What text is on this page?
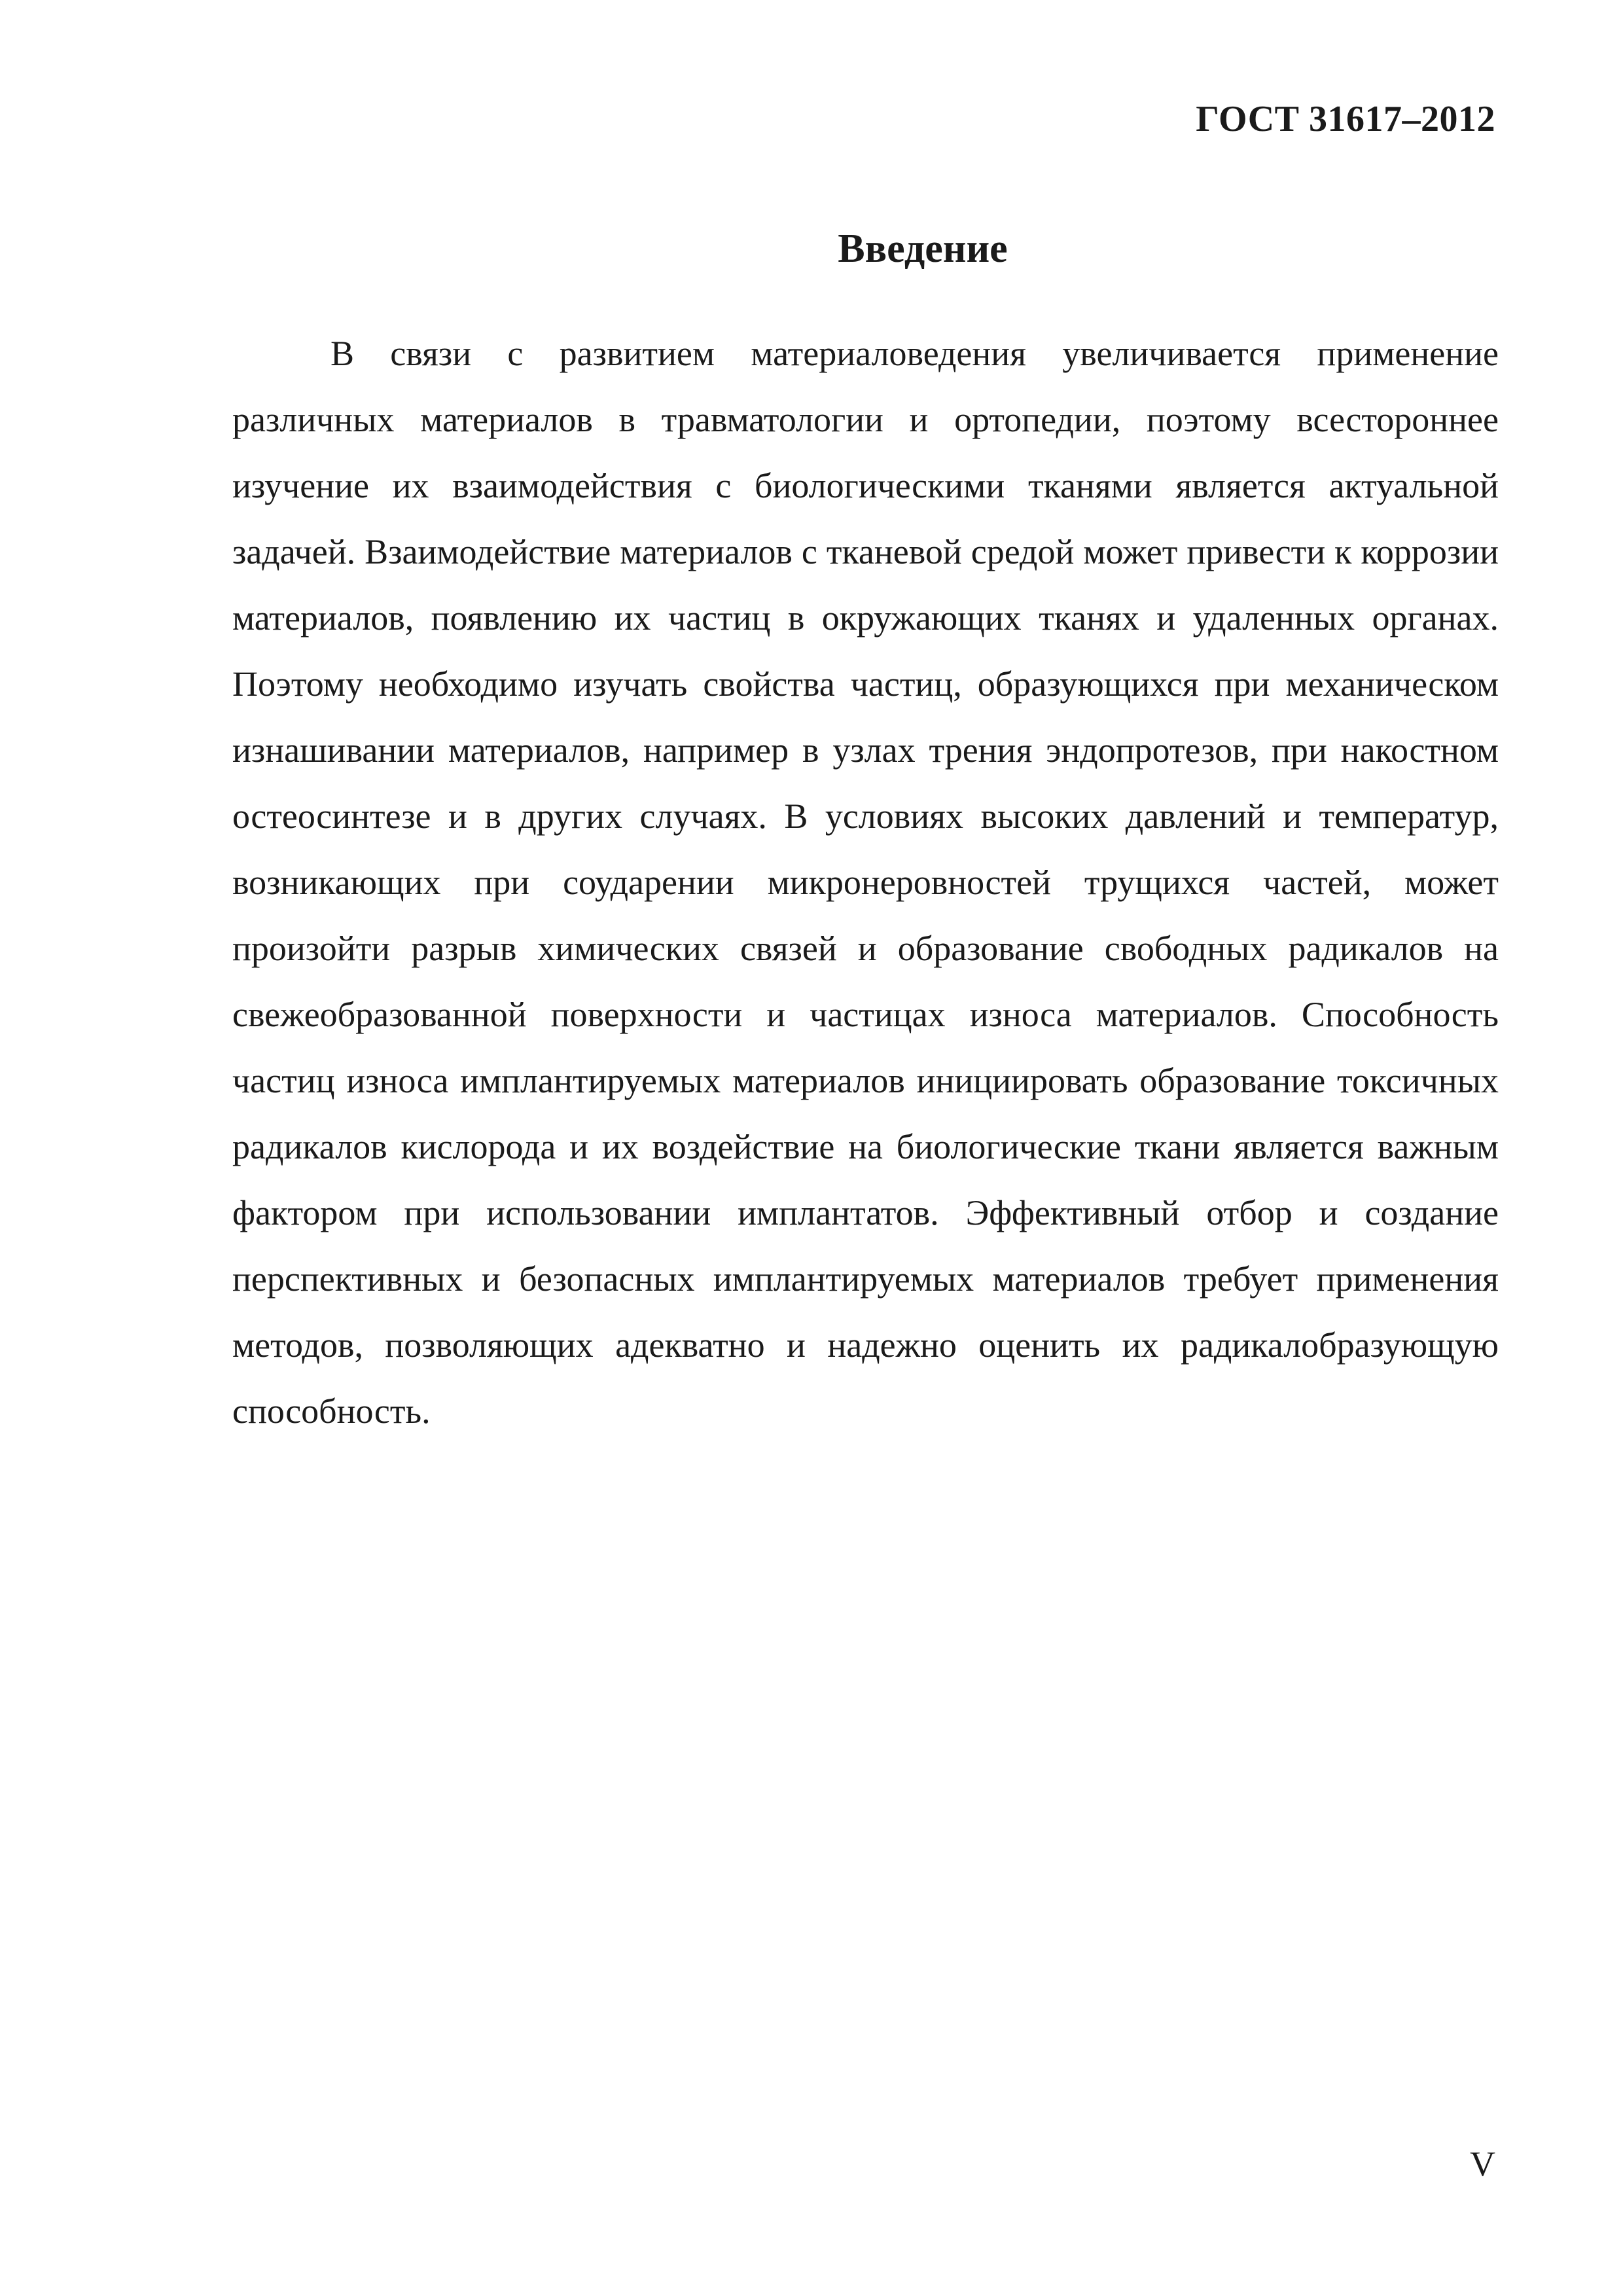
ГОСТ 31617–2012
Введение

В связи с развитием материаловедения увеличивается применение различных материалов в травматологии и ортопедии, поэтому всестороннее изучение их взаимодействия с биологическими тканями является актуальной задачей. Взаимодействие материалов с тканевой средой может привести к коррозии материалов, появлению их частиц в окружающих тканях и удаленных органах. Поэтому необходимо изучать свойства частиц, образующихся при механическом изнашивании материалов, например в узлах трения эндопротезов, при накостном остеосинтезе и в других случаях. В условиях высоких давлений и температур, возникающих при соударении микронеровностей трущихся частей, может произойти разрыв химических связей и образование свободных радикалов на свежеобразованной поверхности и частицах износа материалов. Способность частиц износа имплантируемых материалов инициировать образование токсичных радикалов кислорода и их воздействие на биологические ткани является важным фактором при использовании имплантатов. Эффективный отбор и создание перспективных и безопасных имплантируемых материалов требует применения методов, позволяющих адекватно и надежно оценить их радикалобразующую способность.

V
